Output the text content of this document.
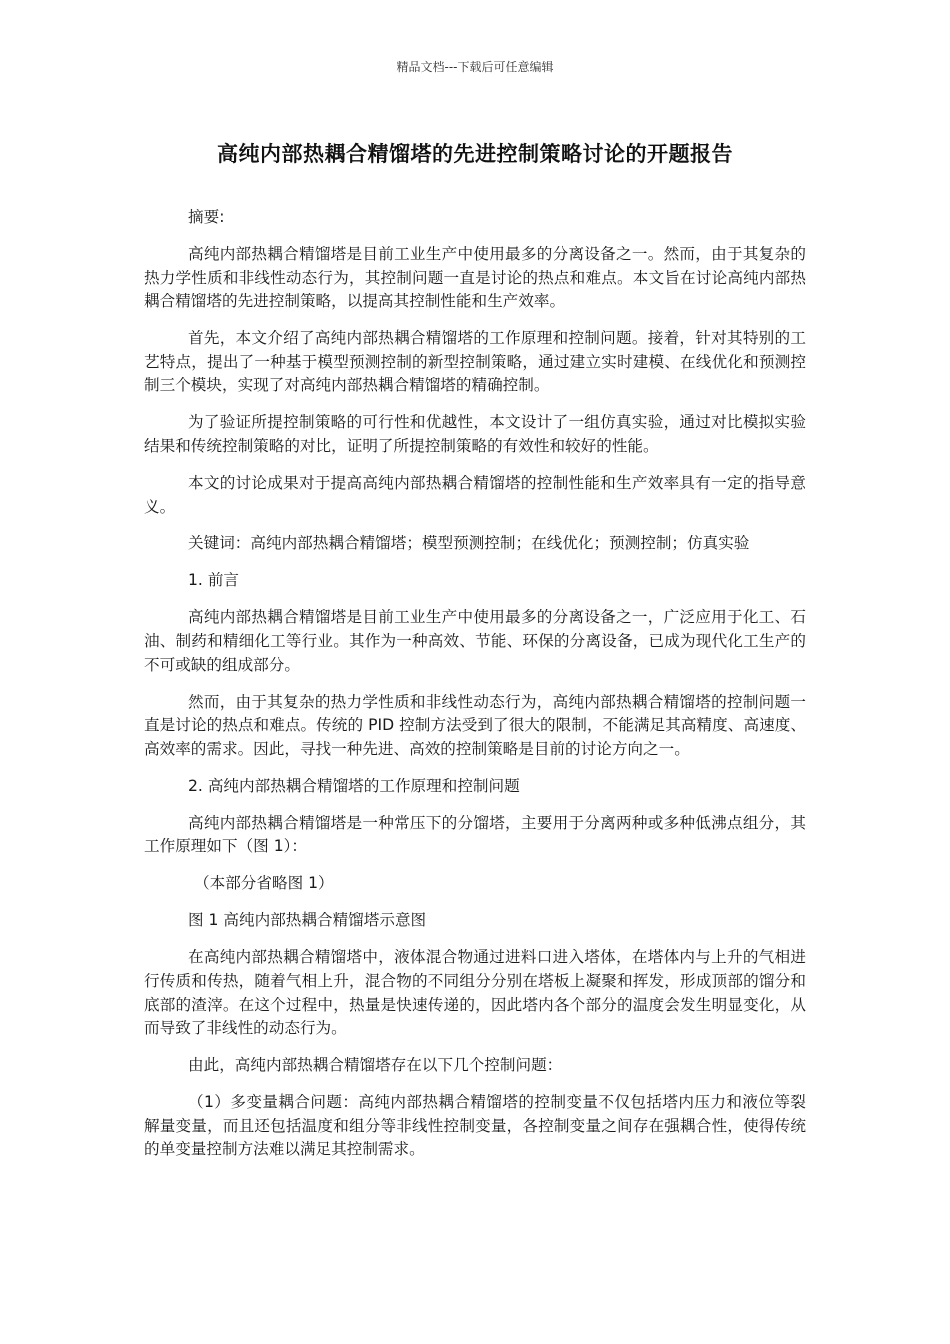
精品文档---下载后可任意编辑
高纯内部热耦合精馏塔的先进控制策略讨论的开题报告

摘要:

高纯内部热耦合精馏塔是目前工业生产中使用最多的分离设备之一。然而，由于其复杂的热力学性质和非线性动态行为，其控制问题一直是讨论的热点和难点。本文旨在讨论高纯内部热耦合精馏塔的先进控制策略，以提高其控制性能和生产效率。

首先，本文介绍了高纯内部热耦合精馏塔的工作原理和控制问题。接着，针对其特别的工艺特点，提出了一种基于模型预测控制的新型控制策略，通过建立实时建模、在线优化和预测控制三个模块，实现了对高纯内部热耦合精馏塔的精确控制。

为了验证所提控制策略的可行性和优越性，本文设计了一组仿真实验，通过对比模拟实验结果和传统控制策略的对比，证明了所提控制策略的有效性和较好的性能。

本文的讨论成果对于提高高纯内部热耦合精馏塔的控制性能和生产效率具有一定的指导意义。

关键词：高纯内部热耦合精馏塔；模型预测控制；在线优化；预测控制；仿真实验

1. 前言

高纯内部热耦合精馏塔是目前工业生产中使用最多的分离设备之一，广泛应用于化工、石油、制药和精细化工等行业。其作为一种高效、节能、环保的分离设备，已成为现代化工生产的不可或缺的组成部分。

然而，由于其复杂的热力学性质和非线性动态行为，高纯内部热耦合精馏塔的控制问题一直是讨论的热点和难点。传统的 PID 控制方法受到了很大的限制，不能满足其高精度、高速度、高效率的需求。因此，寻找一种先进、高效的控制策略是目前的讨论方向之一。

2. 高纯内部热耦合精馏塔的工作原理和控制问题

高纯内部热耦合精馏塔是一种常压下的分馏塔，主要用于分离两种或多种低沸点组分，其工作原理如下（图 1）：

（本部分省略图 1）

图 1 高纯内部热耦合精馏塔示意图

在高纯内部热耦合精馏塔中，液体混合物通过进料口进入塔体，在塔体内与上升的气相进行传质和传热，随着气相上升，混合物的不同组分分别在塔板上凝聚和挥发，形成顶部的馏分和底部的渣滓。在这个过程中，热量是快速传递的，因此塔内各个部分的温度会发生明显变化，从而导致了非线性的动态行为。

由此，高纯内部热耦合精馏塔存在以下几个控制问题：

（1）多变量耦合问题：高纯内部热耦合精馏塔的控制变量不仅包括塔内压力和液位等裂解量变量，而且还包括温度和组分等非线性控制变量，各控制变量之间存在强耦合性，使得传统的单变量控制方法难以满足其控制需求。
